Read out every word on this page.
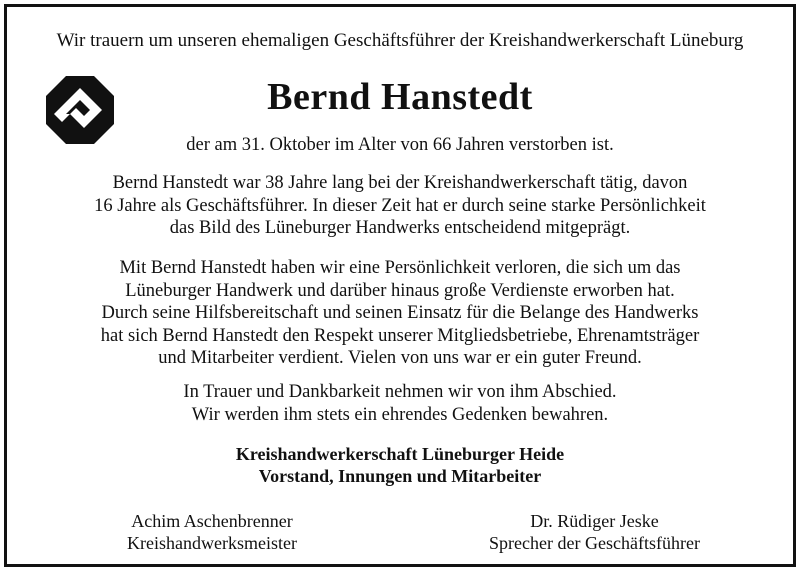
Wir trauern um unseren ehemaligen Geschäftsführer der Kreishandwerkerschaft Lüneburg
Bernd Hanstedt
der am 31. Oktober im Alter von 66 Jahren verstorben ist.
Bernd Hanstedt war 38 Jahre lang bei der Kreishandwerkerschaft tätig, davon
16 Jahre als Geschäftsführer. In dieser Zeit hat er durch seine starke Persönlichkeit
das Bild des Lüneburger Handwerks entscheidend mitgeprägt.
Mit Bernd Hanstedt haben wir eine Persönlichkeit verloren, die sich um das
Lüneburger Handwerk und darüber hinaus große Verdienste erworben hat.
Durch seine Hilfsbereitschaft und seinen Einsatz für die Belange des Handwerks
hat sich Bernd Hanstedt den Respekt unserer Mitgliedsbetriebe, Ehrenamtsträger
und Mitarbeiter verdient. Vielen von uns war er ein guter Freund.
In Trauer und Dankbarkeit nehmen wir von ihm Abschied.
Wir werden ihm stets ein ehrendes Gedenken bewahren.
Kreishandwerkerschaft Lüneburger Heide
Vorstand, Innungen und Mitarbeiter
Achim Aschenbrenner
Kreishandwerksmeister
Dr. Rüdiger Jeske
Sprecher der Geschäftsführer
